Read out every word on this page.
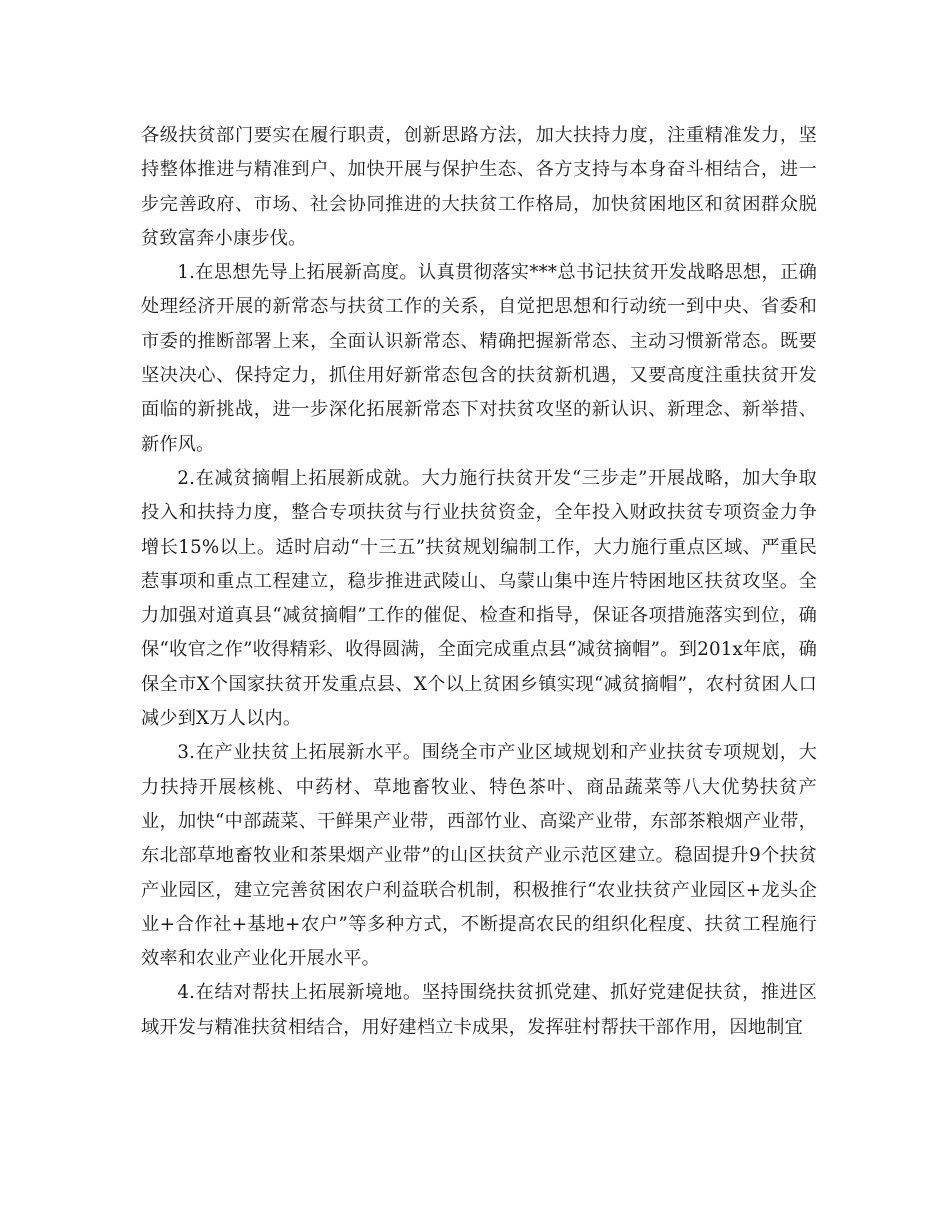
各级扶贫部门要实在履行职责，创新思路方法，加大扶持力度，注重精准发力，坚持整体推进与精准到户、加快开展与保护生态、各方支持与本身奋斗相结合，进一步完善政府、市场、社会协同推进的大扶贫工作格局，加快贫困地区和贫困群众脱贫致富奔小康步伐。

1.在思想先导上拓展新高度。认真贯彻落实***总书记扶贫开发战略思想，正确处理经济开展的新常态与扶贫工作的关系，自觉把思想和行动统一到中央、省委和市委的推断部署上来，全面认识新常态、精确把握新常态、主动习惯新常态。既要坚决决心、保持定力，抓住用好新常态包含的扶贫新机遇，又要高度注重扶贫开发面临的新挑战，进一步深化拓展新常态下对扶贫攻坚的新认识、新理念、新举措、新作风。

2.在减贫摘帽上拓展新成就。大力施行扶贫开发“三步走”开展战略，加大争取投入和扶持力度，整合专项扶贫与行业扶贫资金，全年投入财政扶贫专项资金力争增长15%以上。适时启动“十三五”扶贫规划编制工作，大力施行重点区域、严重民惹事项和重点工程建立，稳步推进武陵山、乌蒙山集中连片特困地区扶贫攻坚。全力加强对道真县“减贫摘帽”工作的催促、检查和指导，保证各项措施落实到位，确保“收官之作”收得精彩、收得圆满，全面完成重点县“减贫摘帽”。到201x年底，确保全市X个国家扶贫开发重点县、X个以上贫困乡镇实现“减贫摘帽”，农村贫困人口减少到X万人以内。

3.在产业扶贫上拓展新水平。围绕全市产业区域规划和产业扶贫专项规划，大力扶持开展核桃、中药材、草地畜牧业、特色茶叶、商品蔬菜等八大优势扶贫产业，加快“中部蔬菜、干鲜果产业带，西部竹业、高粱产业带，东部茶粮烟产业带，东北部草地畜牧业和茶果烟产业带”的山区扶贫产业示范区建立。稳固提升9个扶贫产业园区，建立完善贫困农户利益联合机制，积极推行“农业扶贫产业园区+龙头企业+合作社+基地+农户”等多种方式，不断提高农民的组织化程度、扶贫工程施行效率和农业产业化开展水平。

4.在结对帮扶上拓展新境地。坚持围绕扶贫抓党建、抓好党建促扶贫，推进区域开发与精准扶贫相结合，用好建档立卡成果，发挥驻村帮扶干部作用，因地制宜
